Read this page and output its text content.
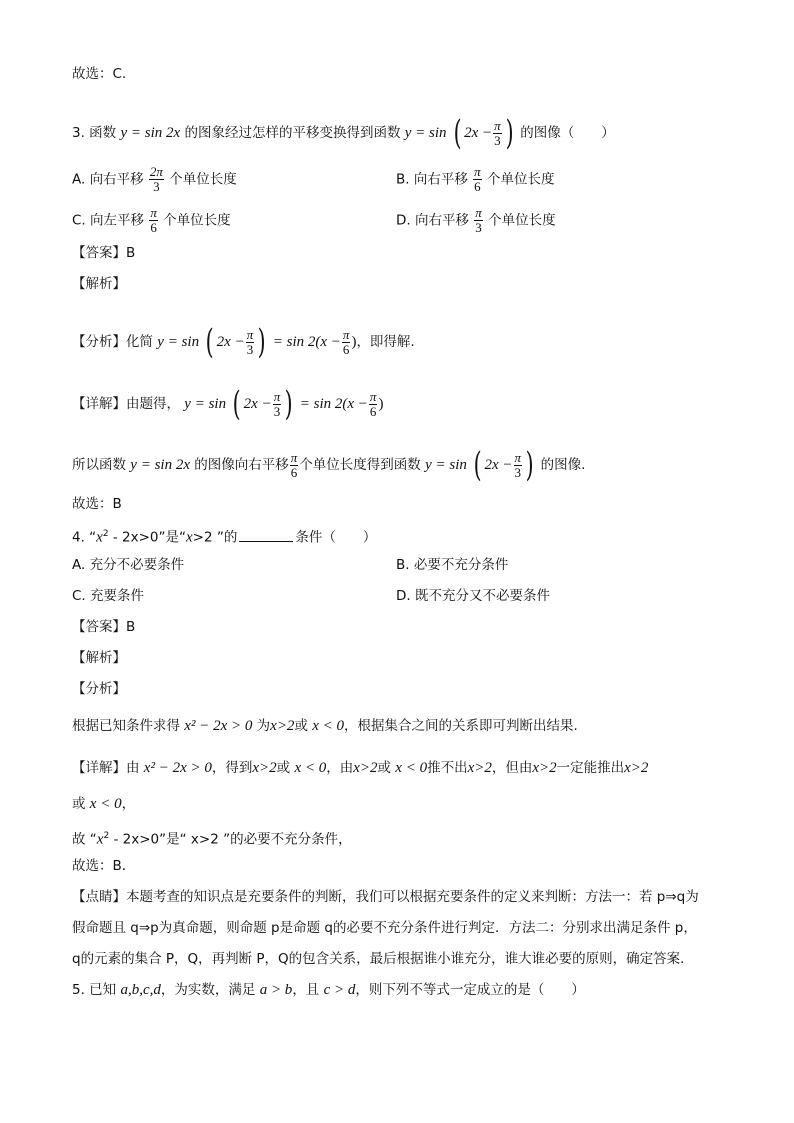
故选：C.
3. 函数 y = sin 2x 的图象经过怎样的平移变换得到函数 y = sin ( $2x - \frac{\pi}{3}$ ) 的图像（　　）
A. 向右平移 $\frac{2\pi}{3}$ 个单位长度	B. 向右平移 $\frac{\pi}{6}$ 个单位长度
C. 向左平移 $\frac{\pi}{6}$ 个单位长度	D. 向右平移 $\frac{\pi}{3}$ 个单位长度
【答案】B
【解析】
【分析】化简 y = sin ( $2x - \frac{\pi}{3}$ ) = $\sin 2(x - \frac{\pi}{6}$ )，即得解.
【详解】由题得， y = sin ( $2x - \frac{\pi}{3}$ ) = $\sin 2(x - \frac{\pi}{6}$ )
所以函数 y = sin 2x 的图像向右平移 $\frac{\pi}{6}$ 个单位长度得到函数 y = sin ( $2x - \frac{\pi}{3}$ ) 的图像.
故选：B
4. “$x^2 - 2x>0$”是“x>2 ”的	条件（　　）
A. 充分不必要条件	B. 必要不充分条件
C. 充要条件	D. 既不充分又不必要条件
【答案】B
【解析】
【分析】
根据已知条件求得 x² − 2x > 0 为x>2或 x < 0，根据集合之间的关系即可判断出结果.
【详解】由 x² − 2x > 0，得到x>2或 x < 0，由x>2或 x < 0推不出x>2，但由x>2一定能推出x>2
或 x < 0，
故 “$x^2 - 2x>0$”是“ x>2 ”的必要不充分条件，
故选：B．
【点睛】本题考查的知识点是充要条件的判断，我们可以根据充要条件的定义来判断：方法一：若 p⇒q为
假命题且 q⇒p为真命题，则命题 p是命题 q的必要不充分条件进行判定．方法二：分别求出满足条件 p，
q的元素的集合 P，Q，再判断 P，Q的包含关系，最后根据谁小谁充分，谁大谁必要的原则，确定答案．
5. 已知 a,b,c,d，为实数，满足 a > b，且 c > d，则下列不等式一定成立的是（　　）
